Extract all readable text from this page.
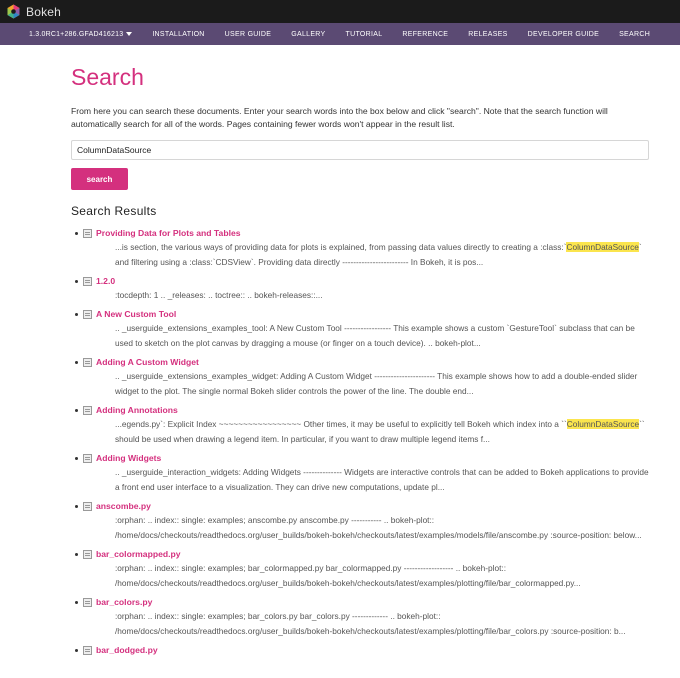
Bokeh
1.3.0RC1+286.GFAD416213	INSTALLATION	USER GUIDE	GALLERY	TUTORIAL	REFERENCE	RELEASES	DEVELOPER GUIDE	SEARCH
Search

From here you can search these documents. Enter your search words into the box below and click "search". Note that the search function will automatically search for all of the words. Pages containing fewer words won't appear in the result list.

ColumnDataSource
search
Search Results
Providing Data for Plots and Tables
...is section, the various ways of providing data for plots is explained, from passing data values directly to creating a :class:`ColumnDataSource` and filtering using a :class:`CDSView`. Providing data directly ------------------------ In Bokeh, it is pos...
1.2.0
:tocdepth: 1 .. _releases: .. toctree:: .. bokeh-releases::...
A New Custom Tool
.. _userguide_extensions_examples_tool: A New Custom Tool ----------------- This example shows a custom `GestureTool` subclass that can be used to sketch on the plot canvas by dragging a mouse (or finger on a touch device). .. bokeh-plot...
Adding A Custom Widget
.. _userguide_extensions_examples_widget: Adding A Custom Widget ---------------------- This example shows how to add a double-ended slider widget to the plot. The single normal Bokeh slider controls the power of the line. The double end...
Adding Annotations
...egends.py`: Explicit Index ~~~~~~~~~~~~~~~~~ Other times, it may be useful to explicitly tell Bokeh which index into a ``ColumnDataSource`` should be used when drawing a legend item. In particular, if you want to draw multiple legend items f...
Adding Widgets
.. _userguide_interaction_widgets: Adding Widgets -------------- Widgets are interactive controls that can be added to Bokeh applications to provide a front end user interface to a visualization. They can drive new computations, update pl...
anscombe.py
:orphan: .. index:: single: examples; anscombe.py anscombe.py ----------- .. bokeh-plot:: /home/docs/checkouts/readthedocs.org/user_builds/bokeh-bokeh/checkouts/latest/examples/models/file/anscombe.py :source-position: below...
bar_colormapped.py
:orphan: .. index:: single: examples; bar_colormapped.py bar_colormapped.py ------------------ .. bokeh-plot:: /home/docs/checkouts/readthedocs.org/user_builds/bokeh-bokeh/checkouts/latest/examples/plotting/file/bar_colormapped.py...
bar_colors.py
:orphan: .. index:: single: examples; bar_colors.py bar_colors.py ------------- .. bokeh-plot:: /home/docs/checkouts/readthedocs.org/user_builds/bokeh-bokeh/checkouts/latest/examples/plotting/file/bar_colors.py :source-position: b...
bar_dodged.py
